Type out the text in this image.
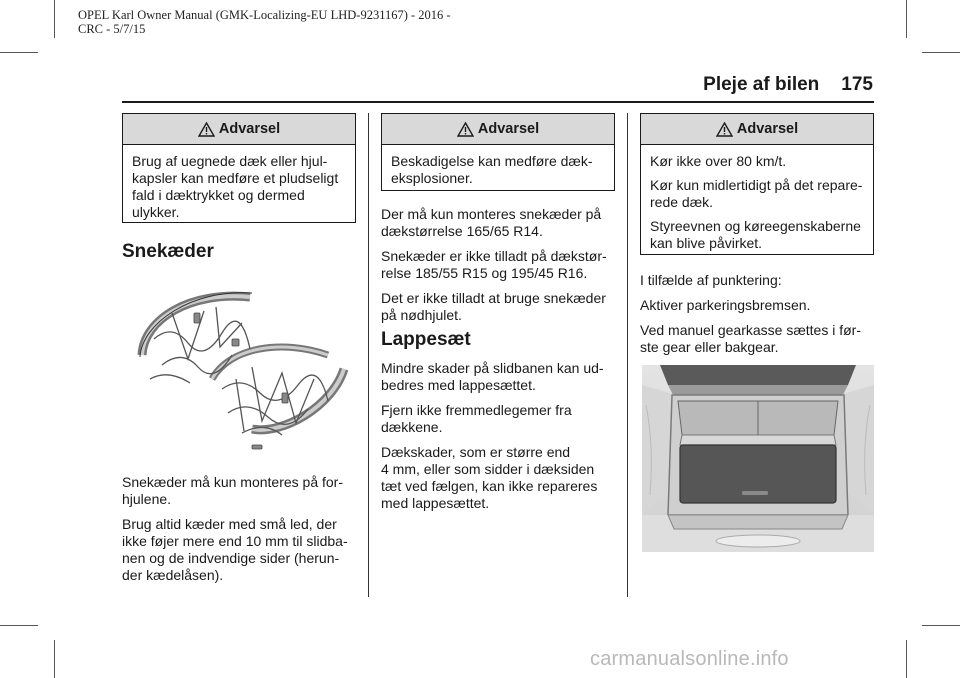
OPEL Karl Owner Manual (GMK-Localizing-EU LHD-9231167) - 2016 -
CRC - 5/7/15
Pleje af bilen 175
Advarsel
Brug af uegnede dæk eller hjul-
kapsler kan medføre et pludseligt
fald i dæktrykket og dermed
ulykker.
Snekæder

Snekæder må kun monteres på for-
hjulene.

Brug altid kæder med små led, der
ikke føjer mere end 10 mm til slidba-
nen og de indvendige sider (herun-
der kædelåsen).

Advarsel
Beskadigelse kan medføre dæk-
eksplosioner.

Der må kun monteres snekæder på
dækstørrelse 165/65 R14.

Snekæder er ikke tilladt på dækstør-
relse 185/55 R15 og 195/45 R16.

Det er ikke tilladt at bruge snekæder
på nødhjulet.

Lappesæt

Mindre skader på slidbanen kan ud-
bedres med lappesættet.

Fjern ikke fremmedlegemer fra
dækkene.

Dækskader, som er større end
4 mm, eller som sidder i dæksiden
tæt ved fælgen, kan ikke repareres
med lappesættet.

Advarsel

Kør ikke over 80 km/t.

Kør kun midlertidigt på det repare-
rede dæk.

Styreevnen og køreegenskaberne
kan blive påvirket.

I tilfælde af punktering:

Aktiver parkeringsbremsen.

Ved manuel gearkasse sættes i før-
ste gear eller bakgear.

carmanualsonline.info
